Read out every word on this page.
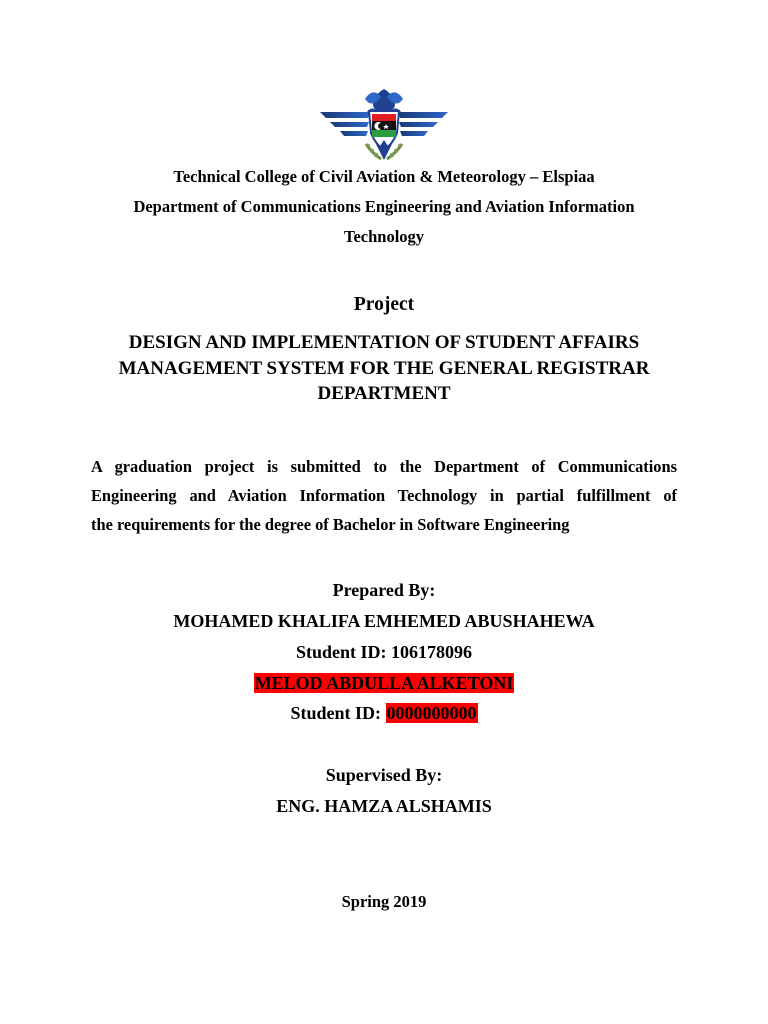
Technical College of Civil Aviation & Meteorology – Elspiaa
Department of Communications Engineering and Aviation Information
Technology
Project
DESIGN AND IMPLEMENTATION OF STUDENT AFFAIRS
MANAGEMENT SYSTEM FOR THE GENERAL REGISTRAR
DEPARTMENT
A graduation project is submitted to the Department of Communications
Engineering and Aviation Information Technology in partial fulfillment of
the requirements for the degree of Bachelor in Software Engineering
Prepared By:
MOHAMED KHALIFA EMHEMED ABUSHAHEWA
Student ID: 106178096
MELOD ABDULLA ALKETONI
Student ID: 0000000000
Supervised By:
ENG. HAMZA ALSHAMIS
Spring 2019
